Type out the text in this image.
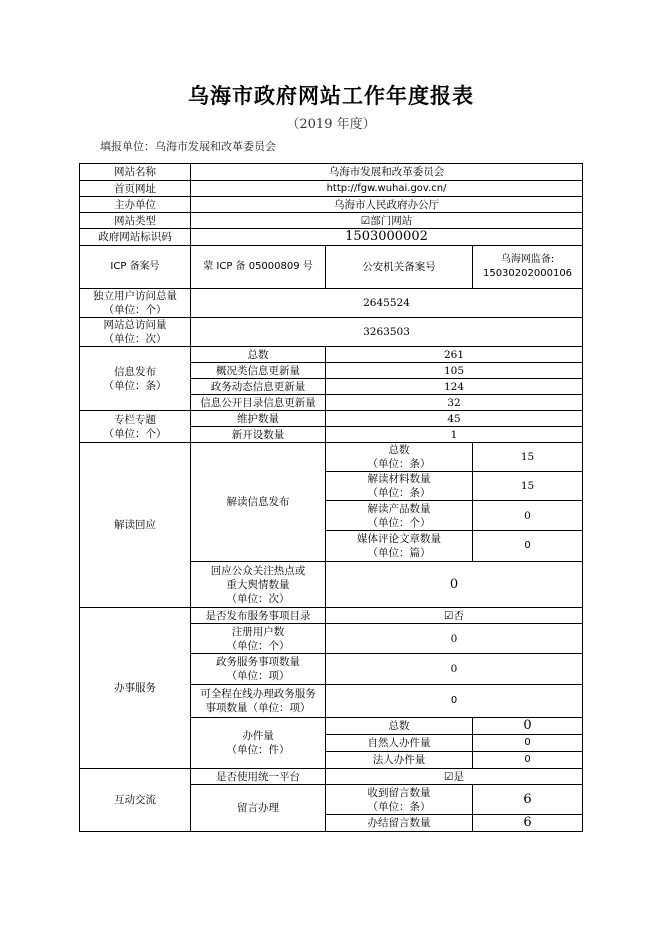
乌海市政府网站工作年度报表
（2019 年度）
填报单位：乌海市发展和改革委员会
网站名称	乌海市发展和改革委员会		
首页网址	http://fgw.wuhai.gov.cn/		
主办单位	乌海市人民政府办公厅		
网站类型	☑部门网站		
政府网站标识码	1503000002		
ICP 备案号	蒙 ICP 备 05000809 号	公安机关备案号	乌海网监备:
15030202000106

独立用户访问总量
（单位：个）	2645524		

网站总访问量
（单位：次）	3263503		

信息发布
（单位：条）	总数	261	
	概况类信息更新量	105	
	政务动态信息更新量	124	
	信息公开目录信息更新量	32	

专栏专题
（单位：个）	维护数量	45	
	新开设数量	1	
解读回应	解读信息发布	总数
（单位：条）	15

		解读材料数量
（单位：条）	15

		解读产品数量
（单位：个）	0

		媒体评论文章数量
（单位：篇）	0

	回应公众关注热点或
重大舆情数量
（单位：次）	0	
办事服务	是否发布服务事项目录	☑否	

	注册用户数
（单位：个）	0	

	政务服务事项数量
（单位：项）	0	

	可全程在线办理政务服务
事项数量（单位：项）	0	

	办件量
（单位：件）	总数	0
		自然人办件量	0
		法人办件量	0
互动交流	是否使用统一平台	☑是	
	留言办理	收到留言数量
（单位：条）	6
		办结留言数量	6
